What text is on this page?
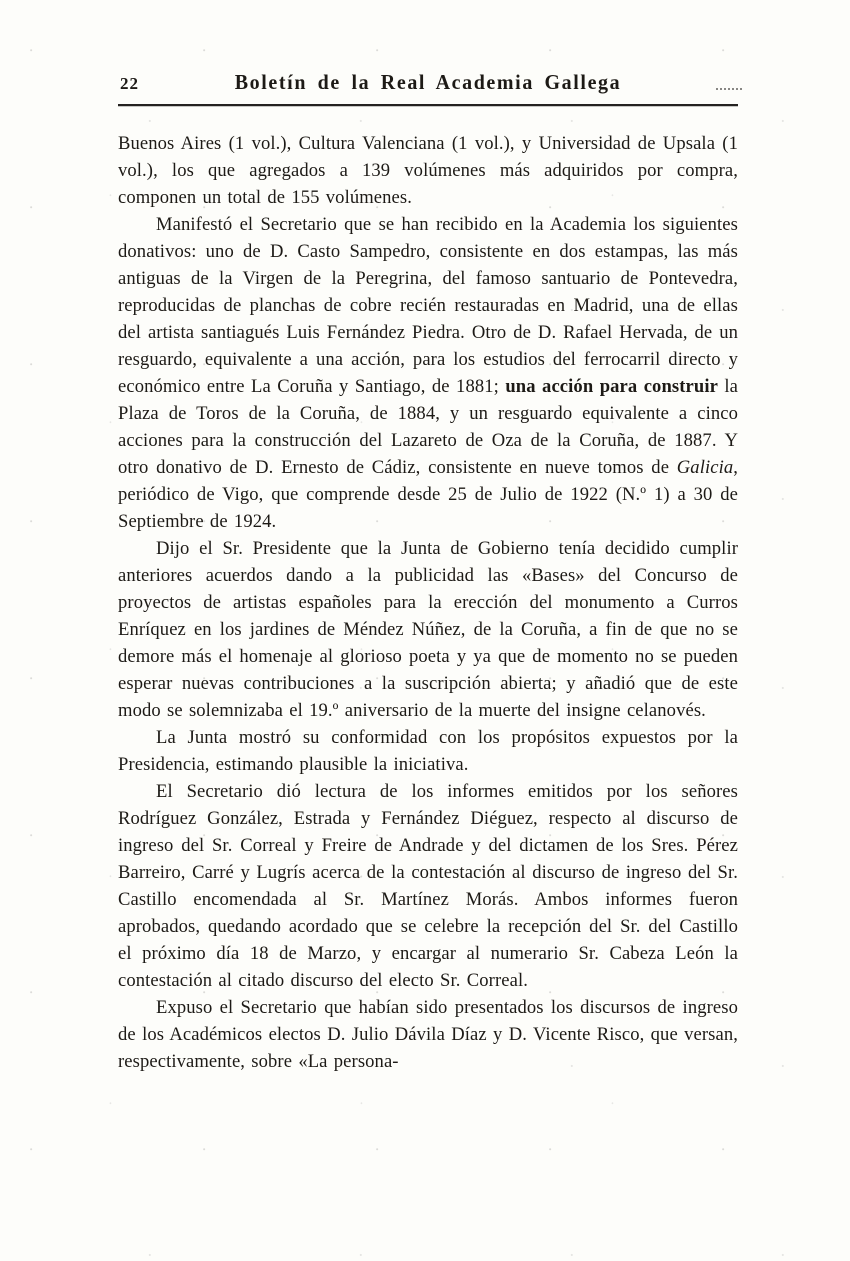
22	Boletín de la Real Academia Gallega

Buenos Aires (1 vol.), Cultura Valenciana (1 vol.), y Universidad de Upsala (1 vol.), los que agregados a 139 volúmenes más adquiridos por compra, componen un total de 155 volúmenes.

Manifestó el Secretario que se han recibido en la Academia los siguientes donativos: uno de D. Casto Sampedro, consistente en dos estampas, las más antiguas de la Virgen de la Peregrina, del famoso santuario de Pontevedra, reproducidas de planchas de cobre recién restauradas en Madrid, una de ellas del artista santiagués Luis Fernández Piedra. Otro de D. Rafael Hervada, de un resguardo, equivalente a una acción, para los estudios del ferrocarril directo y económico entre La Coruña y Santiago, de 1881; una acción para construir la Plaza de Toros de la Coruña, de 1884, y un resguardo equivalente a cinco acciones para la construcción del Lazareto de Oza de la Coruña, de 1887. Y otro donativo de D. Ernesto de Cádiz, consistente en nueve tomos de Galicia, periódico de Vigo, que comprende desde 25 de Julio de 1922 (N.º 1) a 30 de Septiembre de 1924.

Dijo el Sr. Presidente que la Junta de Gobierno tenía decidido cumplir anteriores acuerdos dando a la publicidad las «Bases» del Concurso de proyectos de artistas españoles para la erección del monumento a Curros Enríquez en los jardines de Méndez Núñez, de la Coruña, a fin de que no se demore más el homenaje al glorioso poeta y ya que de momento no se pueden esperar nuevas contribuciones a la suscripción abierta; y añadió que de este modo se solemnizaba el 19.º aniversario de la muerte del insigne celanovés.

La Junta mostró su conformidad con los propósitos expuestos por la Presidencia, estimando plausible la iniciativa.

El Secretario dió lectura de los informes emitidos por los señores Rodríguez González, Estrada y Fernández Diéguez, respecto al discurso de ingreso del Sr. Correal y Freire de Andrade y del dictamen de los Sres. Pérez Barreiro, Carré y Lugrís acerca de la contestación al discurso de ingreso del Sr. Castillo encomendada al Sr. Martínez Morás. Ambos informes fueron aprobados, quedando acordado que se celebre la recepción del Sr. del Castillo el próximo día 18 de Marzo, y encargar al numerario Sr. Cabeza León la contestación al citado discurso del electo Sr. Correal.

Expuso el Secretario que habían sido presentados los discursos de ingreso de los Académicos electos D. Julio Dávila Díaz y D. Vicente Risco, que versan, respectivamente, sobre «La persona-
